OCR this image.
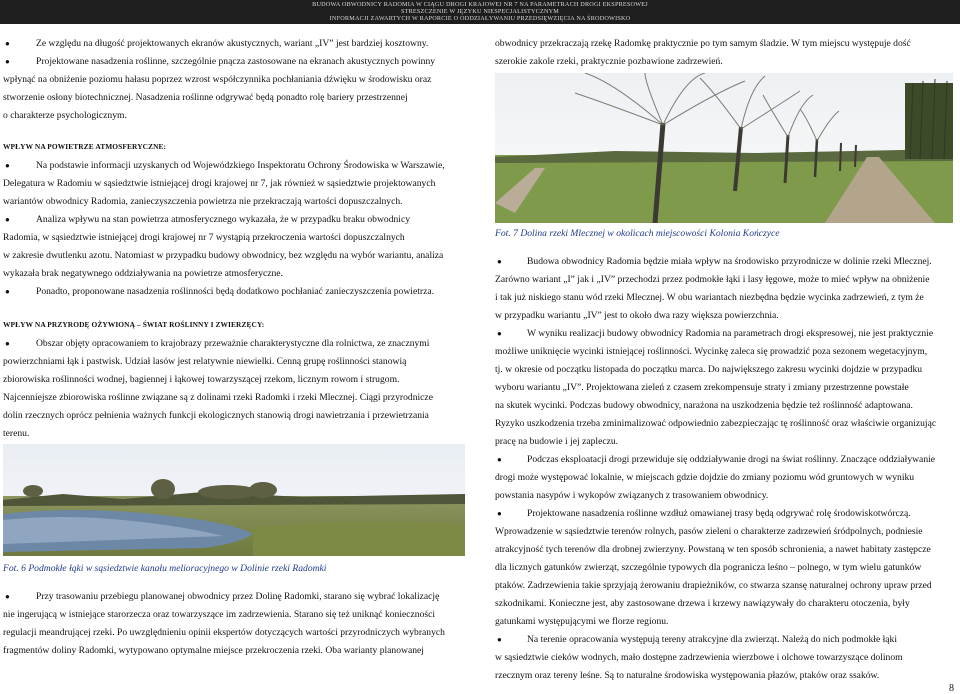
BUDOWA OBWODNICY RADOMIA W CIĄGU DROGI KRAJOWEJ NR 7 NA PARAMETRACH DROGI EKSPRESOWEJ
STRESZCZENIE W JĘZYKU NIESPECJALISTYCZNYM
INFORMACJI ZAWARTYCH W RAPORCIE O ODDZIAŁYWANIU PRZEDSIĘWZIĘCIA NA ŚRODOWISKO
●	Ze względu na długość projektowanych ekranów akustycznych, wariant „IV” jest bardziej kosztowny.
●	Projektowane nasadzenia roślinne, szczególnie pnącza zastosowane na ekranach akustycznych powinny
wpłynąć na obniżenie poziomu hałasu poprzez wzrost współczynnika pochłaniania dźwięku w środowisku oraz
stworzenie osłony biotechnicznej. Nasadzenia roślinne odgrywać będą ponadto rolę bariery przestrzennej
o charakterze psychologicznym.
WPŁYW NA POWIETRZE ATMOSFERYCZNE:
●	Na podstawie informacji uzyskanych od Wojewódzkiego Inspektoratu Ochrony Środowiska w Warszawie,
Delegatura w Radomiu w sąsiedztwie istniejącej drogi krajowej nr 7, jak również w sąsiedztwie projektowanych
wariantów obwodnicy Radomia, zanieczyszczenia powietrza nie przekraczają wartości dopuszczalnych.
●	Analiza wpływu na stan powietrza atmosferycznego wykazała, że w przypadku braku obwodnicy
Radomia, w sąsiedztwie istniejącej drogi krajowej nr 7 wystąpią przekroczenia wartości dopuszczalnych
w zakresie dwutlenku azotu. Natomiast w przypadku budowy obwodnicy, bez względu na wybór wariantu, analiza
wykazała brak negatywnego oddziaływania na powietrze atmosferyczne.
●	Ponadto, proponowane nasadzenia roślinności będą dodatkowo pochłaniać zanieczyszczenia powietrza.
WPŁYW NA PRZYRODĘ OŻYWIONĄ – ŚWIAT ROŚLINNY I ZWIERZĘCY:
●	Obszar objęty opracowaniem to krajobrazy przeważnie charakterystyczne dla rolnictwa, ze znacznymi
powierzchniami łąk i pastwisk. Udział lasów jest relatywnie niewielki. Cenną grupę roślinności stanowią
zbiorowiska roślinności wodnej, bagiennej i łąkowej towarzyszącej rzekom, licznym rowom i strugom.
Najcenniejsze zbiorowiska roślinne związane są z dolinami rzeki Radomki i rzeki Mlecznej. Ciągi przyrodnicze
dolin rzecznych oprócz pełnienia ważnych funkcji ekologicznych stanowią drogi nawietrzania i przewietrzania
terenu.
Fot. 6 Podmokłe łąki w sąsiedztwie kanału melioracyjnego w Dolinie rzeki Radomki
●	Przy trasowaniu przebiegu planowanej obwodnicy przez Dolinę Radomki, starano się wybrać lokalizację
nie ingerującą w istniejące starorzecza oraz towarzyszące im zadrzewienia. Starano się też uniknąć konieczności
regulacji meandrującej rzeki. Po uwzględnieniu opinii ekspertów dotyczących wartości przyrodniczych wybranych
fragmentów doliny Radomki, wytypowano optymalne miejsce przekroczenia rzeki. Oba warianty planowanej
obwodnicy przekraczają rzekę Radomkę praktycznie po tym samym śladzie. W tym miejscu występuje dość
szerokie zakole rzeki, praktycznie pozbawione zadrzewień.
Fot. 7 Dolina rzeki Mlecznej w okolicach miejscowości Kolonia Kończyce
●	Budowa obwodnicy Radomia będzie miała wpływ na środowisko przyrodnicze w dolinie rzeki Mlecznej.
Zarówno wariant „I” jak i „IV” przechodzi przez podmokłe łąki i lasy łęgowe, może to mieć wpływ na obniżenie
i tak już niskiego stanu wód rzeki Mlecznej. W obu wariantach niezbędna będzie wycinka zadrzewień, z tym że
w przypadku wariantu „IV” jest to około dwa razy większa powierzchnia.
●	W wyniku realizacji budowy obwodnicy Radomia na parametrach drogi ekspresowej, nie jest praktycznie
możliwe uniknięcie wycinki istniejącej roślinności. Wycinkę zaleca się prowadzić poza sezonem wegetacyjnym,
tj. w okresie od początku listopada do początku marca. Do największego zakresu wycinki dojdzie w przypadku
wyboru wariantu „IV”. Projektowana zieleń z czasem zrekompensuje straty i zmiany przestrzenne powstałe
na skutek wycinki. Podczas budowy obwodnicy, narażona na uszkodzenia będzie też roślinność adaptowana.
Ryzyko uszkodzenia trzeba zminimalizować odpowiednio zabezpieczając tę roślinność oraz właściwie organizując
pracę na budowie i jej zapleczu.
●	Podczas eksploatacji drogi przewiduje się oddziaływanie drogi na świat roślinny. Znaczące oddziaływanie
drogi może występować lokalnie, w miejscach gdzie dojdzie do zmiany poziomu wód gruntowych w wyniku
powstania nasypów i wykopów związanych z trasowaniem obwodnicy.
●	Projektowane nasadzenia roślinne wzdłuż omawianej trasy będą odgrywać rolę środowiskotwórczą.
Wprowadzenie w sąsiedztwie terenów rolnych, pasów zieleni o charakterze zadrzewień śródpolnych, podniesie
atrakcyjność tych terenów dla drobnej zwierzyny. Powstaną w ten sposób schronienia, a nawet habitaty zastępcze
dla licznych gatunków zwierząt, szczególnie typowych dla pogranicza leśno – polnego, w tym wielu gatunków
ptaków. Zadrzewienia takie sprzyjają żerowaniu drapieżników, co stwarza szansę naturalnej ochrony upraw przed
szkodnikami. Konieczne jest, aby zastosowane drzewa i krzewy nawiązywały do charakteru otoczenia, były
gatunkami występującymi we florze regionu.
●	Na terenie opracowania występują tereny atrakcyjne dla zwierząt. Należą do nich podmokłe łąki
w sąsiedztwie cieków wodnych, mało dostępne zadrzewienia wierzbowe i olchowe towarzyszące dolinom
rzecznym oraz tereny leśne. Są to naturalne środowiska występowania płazów, ptaków oraz ssaków.
8
